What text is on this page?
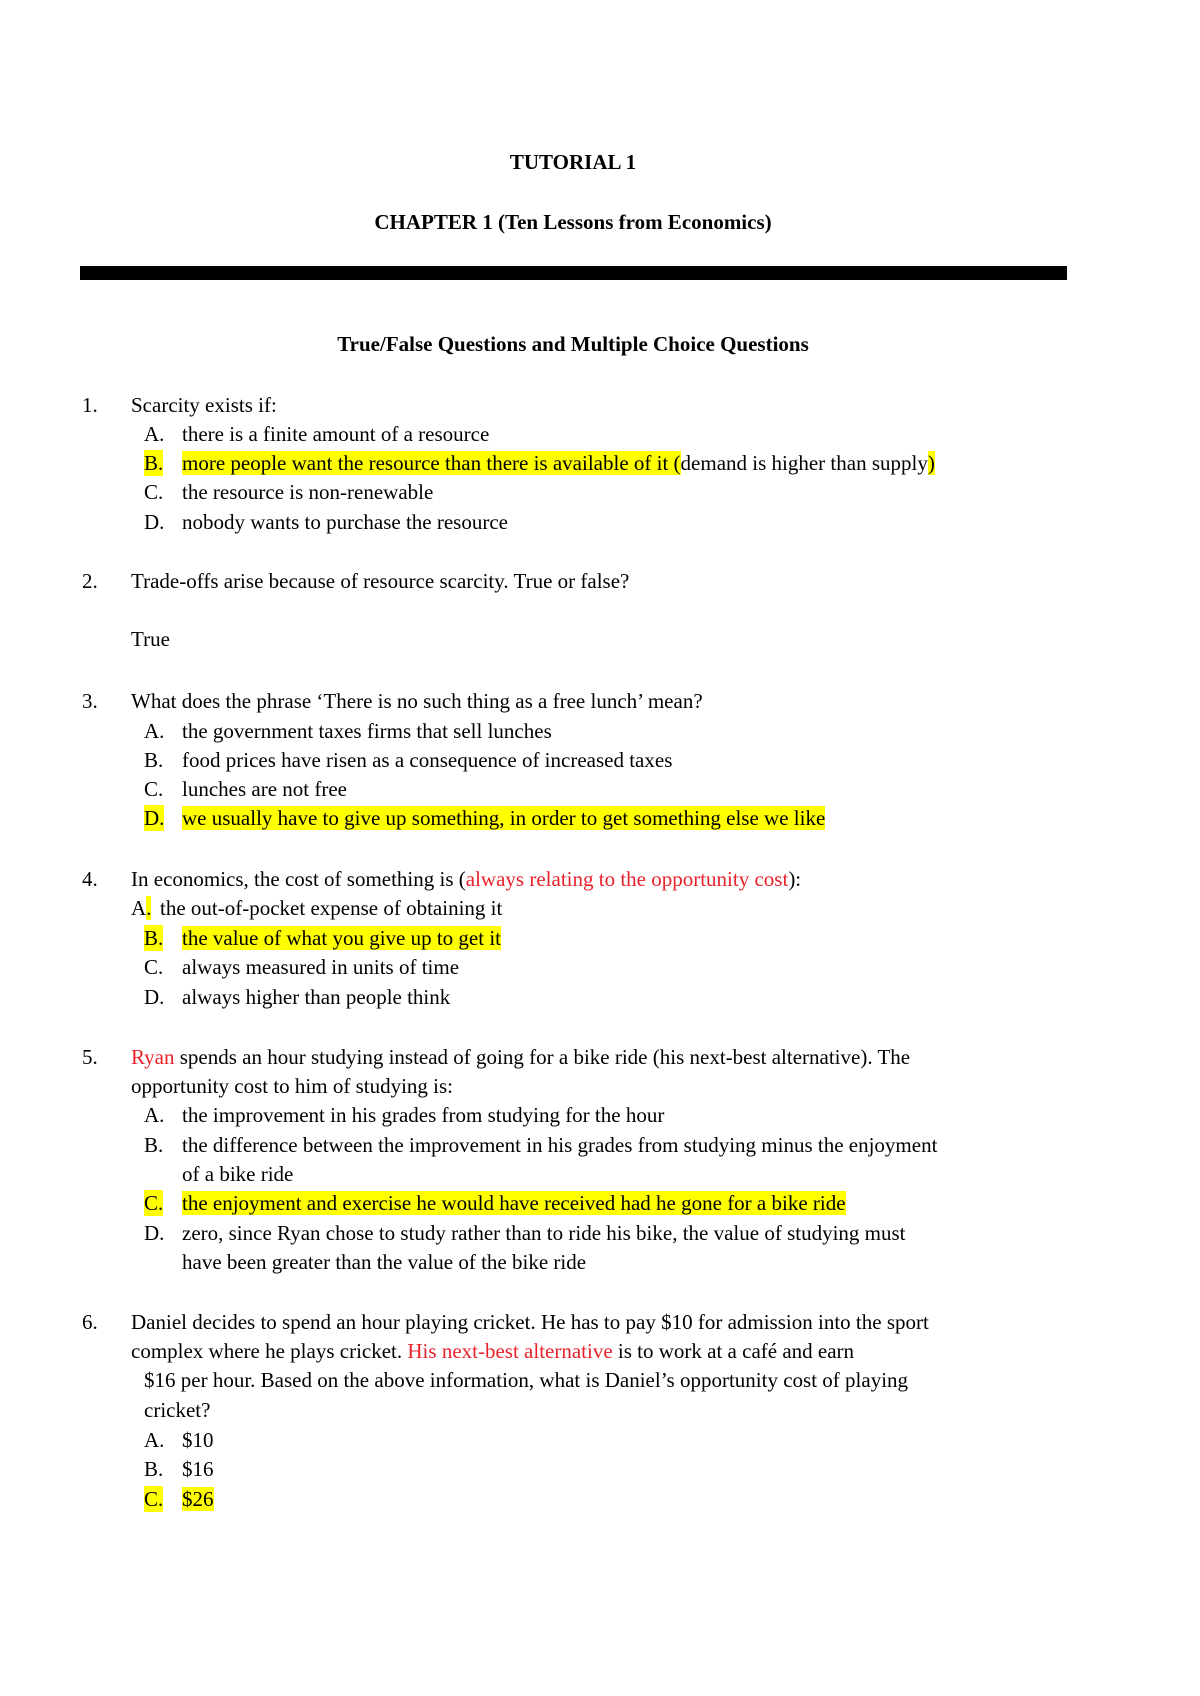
TUTORIAL 1
CHAPTER 1 (Ten Lessons from Economics)
True/False Questions and Multiple Choice Questions
1. Scarcity exists if:
A. there is a finite amount of a resource
B. more people want the resource than there is available of it (demand is higher than supply)
C. the resource is non-renewable
D. nobody wants to purchase the resource
2. Trade-offs arise because of resource scarcity. True or false?
True
3. What does the phrase ‘There is no such thing as a free lunch’ mean?
A. the government taxes firms that sell lunches
B. food prices have risen as a consequence of increased taxes
C. lunches are not free
D. we usually have to give up something, in order to get something else we like
4. In economics, the cost of something is (always relating to the opportunity cost):
A. the out-of-pocket expense of obtaining it
B. the value of what you give up to get it
C. always measured in units of time
D. always higher than people think
5. Ryan spends an hour studying instead of going for a bike ride (his next-best alternative). The
opportunity cost to him of studying is:
A. the improvement in his grades from studying for the hour
B. the difference between the improvement in his grades from studying minus the enjoyment
of a bike ride
C. the enjoyment and exercise he would have received had he gone for a bike ride
D. zero, since Ryan chose to study rather than to ride his bike, the value of studying must
have been greater than the value of the bike ride
6. Daniel decides to spend an hour playing cricket. He has to pay $10 for admission into the sport
complex where he plays cricket. His next-best alternative is to work at a café and earn
$16 per hour. Based on the above information, what is Daniel’s opportunity cost of playing
cricket?
A. $10
B. $16
C. $26
